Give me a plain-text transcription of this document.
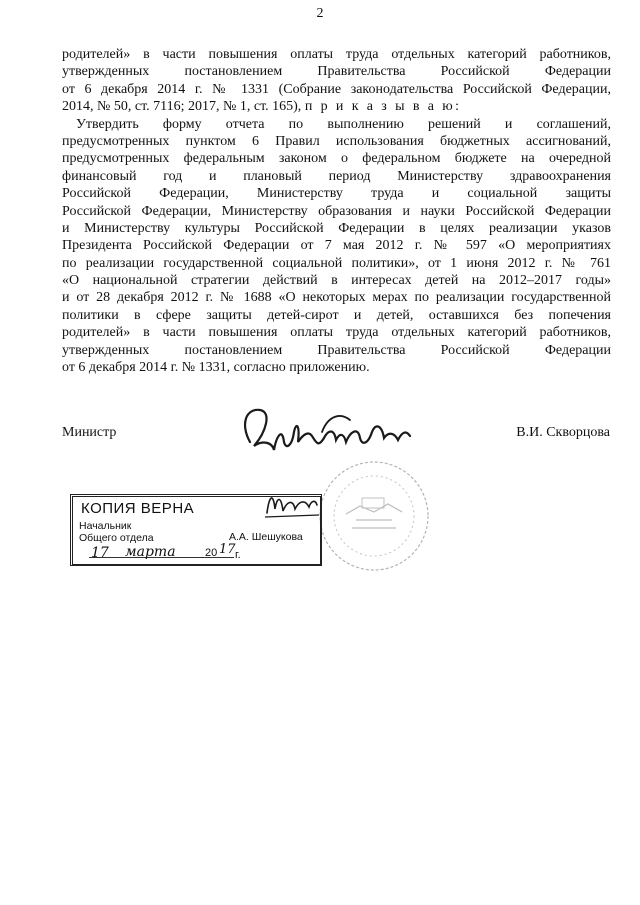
2
родителей» в части повышения оплаты труда отдельных категорий работников,
утвержденных постановлением Правительства Российской Федерации
от 6 декабря 2014 г. № 1331 (Собрание законодательства Российской Федерации,
2014, № 50, ст. 7116; 2017, № 1, ст. 165), п р и к а з ы в а ю:
Утвердить форму отчета по выполнению решений и соглашений,
предусмотренных пунктом 6 Правил использования бюджетных ассигнований,
предусмотренных федеральным законом о федеральном бюджете на очередной
финансовый год и плановый период Министерству здравоохранения
Российской Федерации, Министерству труда и социальной защиты
Российской Федерации, Министерству образования и науки Российской Федерации
и Министерству культуры Российской Федерации в целях реализации указов
Президента Российской Федерации от 7 мая 2012 г. № 597 «О мероприятиях
по реализации государственной социальной политики», от 1 июня 2012 г. № 761
«О национальной стратегии действий в интересах детей на 2012–2017 годы»
и от 28 декабря 2012 г. № 1688 «О некоторых мерах по реализации государственной
политики в сфере защиты детей-сирот и детей, оставшихся без попечения
родителей» в части повышения оплаты труда отдельных категорий работников,
утвержденных постановлением Правительства Российской Федерации
от 6 декабря 2014 г. № 1331, согласно приложению.
Министр	В.И. Скворцова
КОПИЯ ВЕРНА
Начальник
Общего отдела	А.А. Шешукова
17 марта	20 17 г.
